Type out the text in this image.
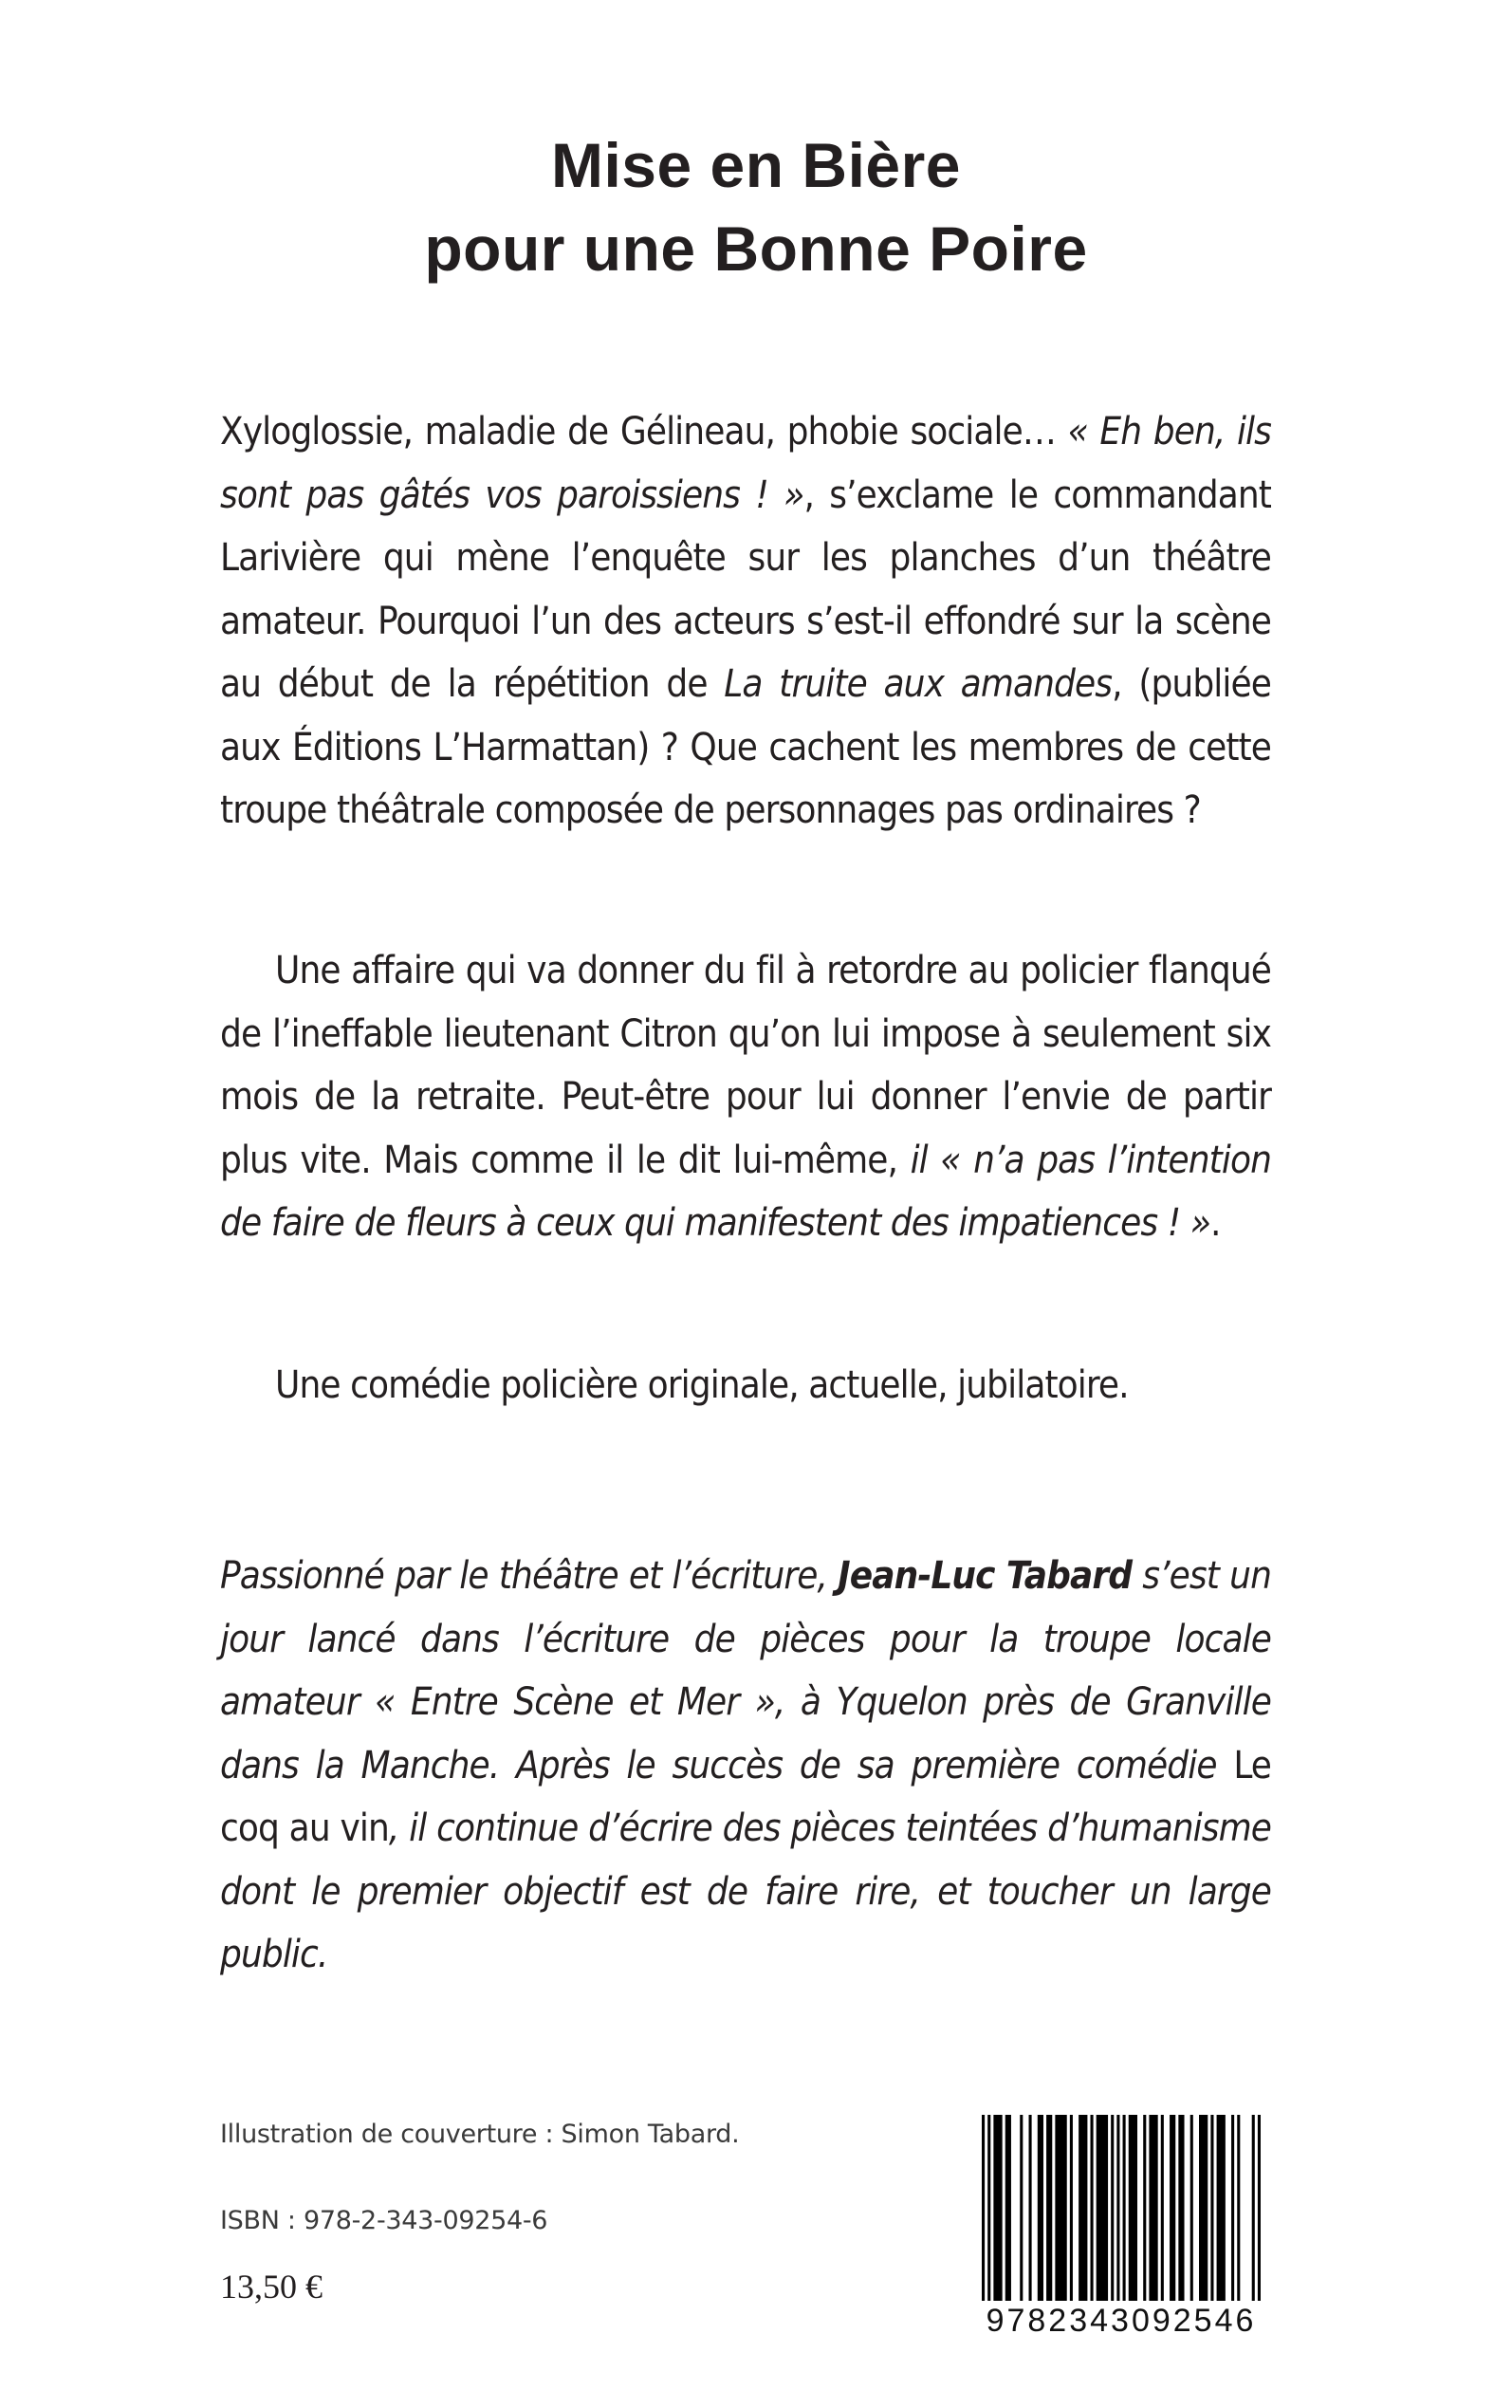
Mise en Bière
pour une Bonne Poire

Xyloglossie, maladie de Gélineau, phobie sociale… « Eh ben, ils sont pas gâtés vos paroissiens ! », s’exclame le commandant Larivière qui mène l’enquête sur les planches d’un théâtre amateur. Pourquoi l’un des acteurs s’est-il effondré sur la scène au début de la répétition de La truite aux amandes, (publiée aux Éditions L’Harmattan) ? Que cachent les membres de cette troupe théâtrale composée de personnages pas ordinaires ?

Une affaire qui va donner du fil à retordre au policier flanqué de l’ineffable lieutenant Citron qu’on lui impose à seulement six mois de la retraite. Peut-être pour lui donner l’envie de partir plus vite. Mais comme il le dit lui-même, il « n’a pas l’intention de faire de fleurs à ceux qui manifestent des impatiences ! ».

Une comédie policière originale, actuelle, jubilatoire.

Passionné par le théâtre et l’écriture, Jean-Luc Tabard s’est un jour lancé dans l’écriture de pièces pour la troupe locale amateur « Entre Scène et Mer », à Yquelon près de Granville dans la Manche. Après le succès de sa première comédie Le coq au vin, il continue d’écrire des pièces teintées d’humanisme dont le premier objectif est de faire rire, et toucher un large public.

Illustration de couverture : Simon Tabard.
ISBN : 978-2-343-09254-6
13,50 €
9782343092546
